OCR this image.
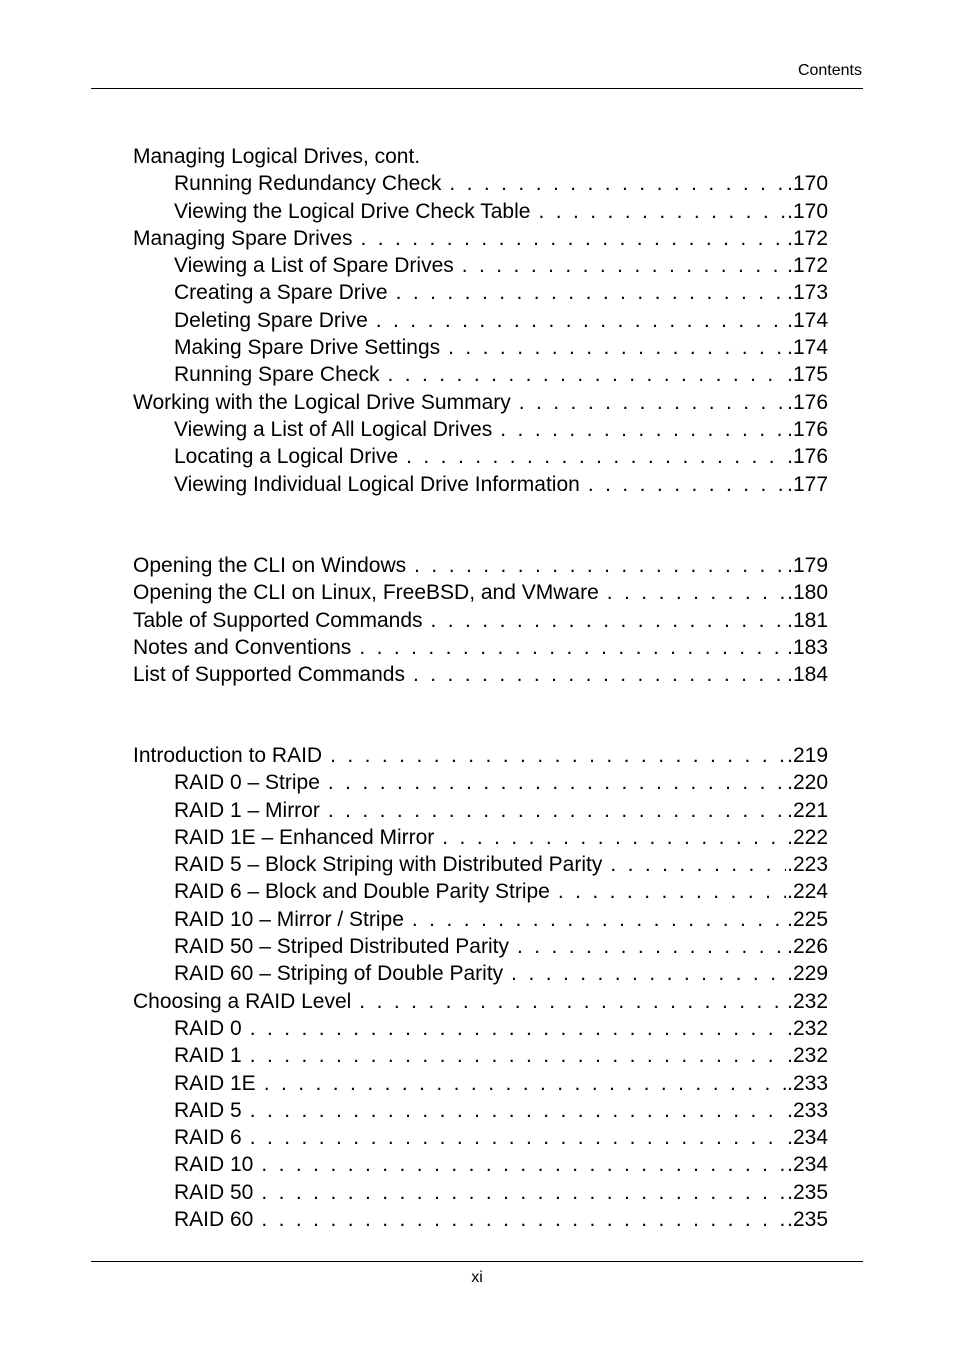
Contents
Managing Logical Drives, cont.
Running Redundancy Check . . .	.170
Viewing the Logical Drive Check Table . . .	.170
Managing Spare Drives . . .	.172
Viewing a List of Spare Drives . . .	.172
Creating a Spare Drive . . .	.173
Deleting Spare Drive . . .	.174
Making Spare Drive Settings . . .	.174
Running Spare Check . . .	.175
Working with the Logical Drive Summary . . .	.176
Viewing a List of All Logical Drives . . .	.176
Locating a Logical Drive . . .	.176
Viewing Individual Logical Drive Information . . .	.177
Opening the CLI on Windows . . .	.179
Opening the CLI on Linux, FreeBSD, and VMware . . .	.180
Table of Supported Commands . . .	.181
Notes and Conventions . . .	.183
List of Supported Commands . . .	.184
Introduction to RAID . . .	.219
RAID 0 – Stripe . . .	.220
RAID 1 – Mirror . . .	.221
RAID 1E – Enhanced Mirror . . .	.222
RAID 5 – Block Striping with Distributed Parity . . .	.223
RAID 6 – Block and Double Parity Stripe . . .	.224
RAID 10 – Mirror / Stripe . . .	.225
RAID 50 – Striped Distributed Parity . . .	.226
RAID 60 – Striping of Double Parity . . .	.229
Choosing a RAID Level . . .	.232
RAID 0 . . .	.232
RAID 1 . . .	.232
RAID 1E . . .	.233
RAID 5 . . .	.233
RAID 6 . . .	.234
RAID 10 . . .	.234
RAID 50 . . .	.235
RAID 60 . . .	.235
xi
